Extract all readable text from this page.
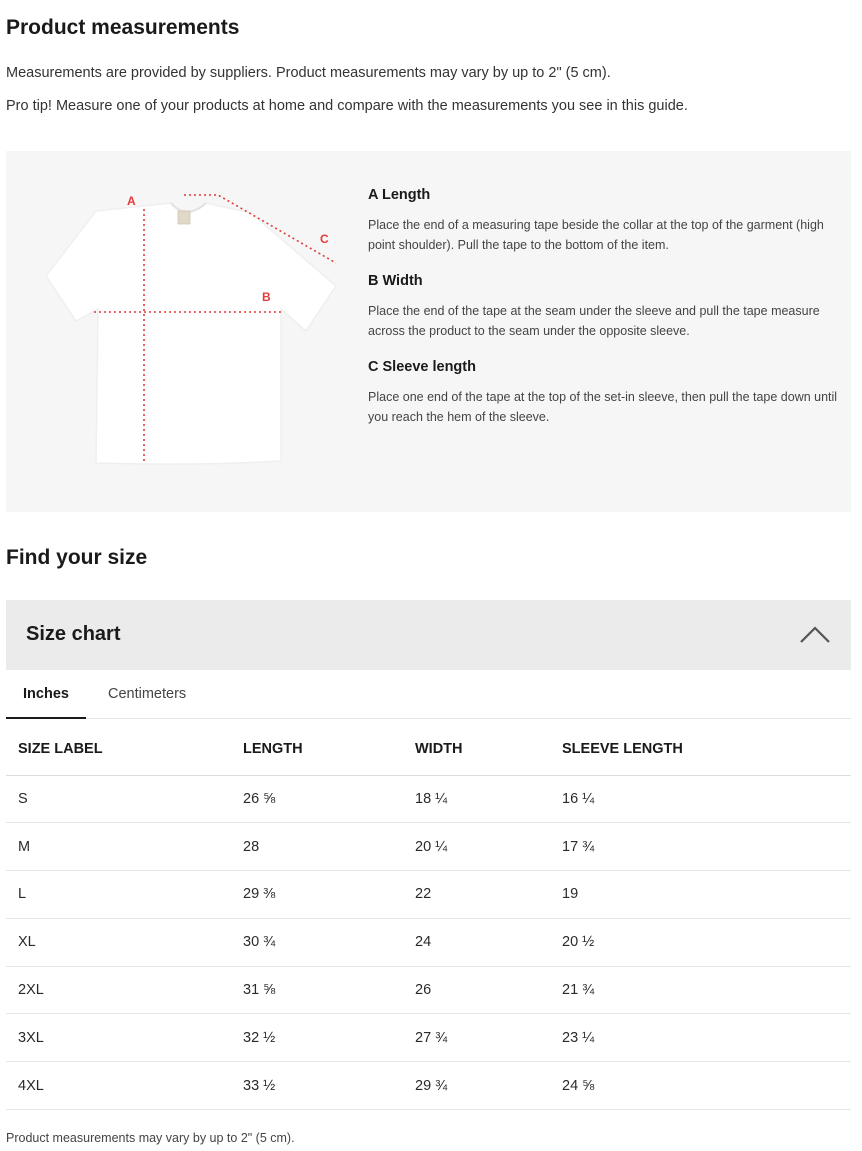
Product measurements

Measurements are provided by suppliers. Product measurements may vary by up to 2" (5 cm).

Pro tip! Measure one of your products at home and compare with the measurements you see in this guide.

A
B
C
A Length
Place the end of a measuring tape beside the collar at the top of the garment (high point shoulder). Pull the tape to the bottom of the item.
B Width
Place the end of the tape at the seam under the sleeve and pull the tape measure across the product to the seam under the opposite sleeve.
C Sleeve length
Place one end of the tape at the top of the set-in sleeve, then pull the tape down until you reach the hem of the sleeve.
Find your size
Size chart
Inches	Centimeters
SIZE LABEL	LENGTH	WIDTH	SLEEVE LENGTH
S	26 ⅝	18 ¼	16 ¼
M	28	20 ¼	17 ¾
L	29 ⅜	22	19
XL	30 ¾	24	20 ½
2XL	31 ⅝	26	21 ¾
3XL	32 ½	27 ¾	23 ¼
4XL	33 ½	29 ¾	24 ⅝

Product measurements may vary by up to 2" (5 cm).
